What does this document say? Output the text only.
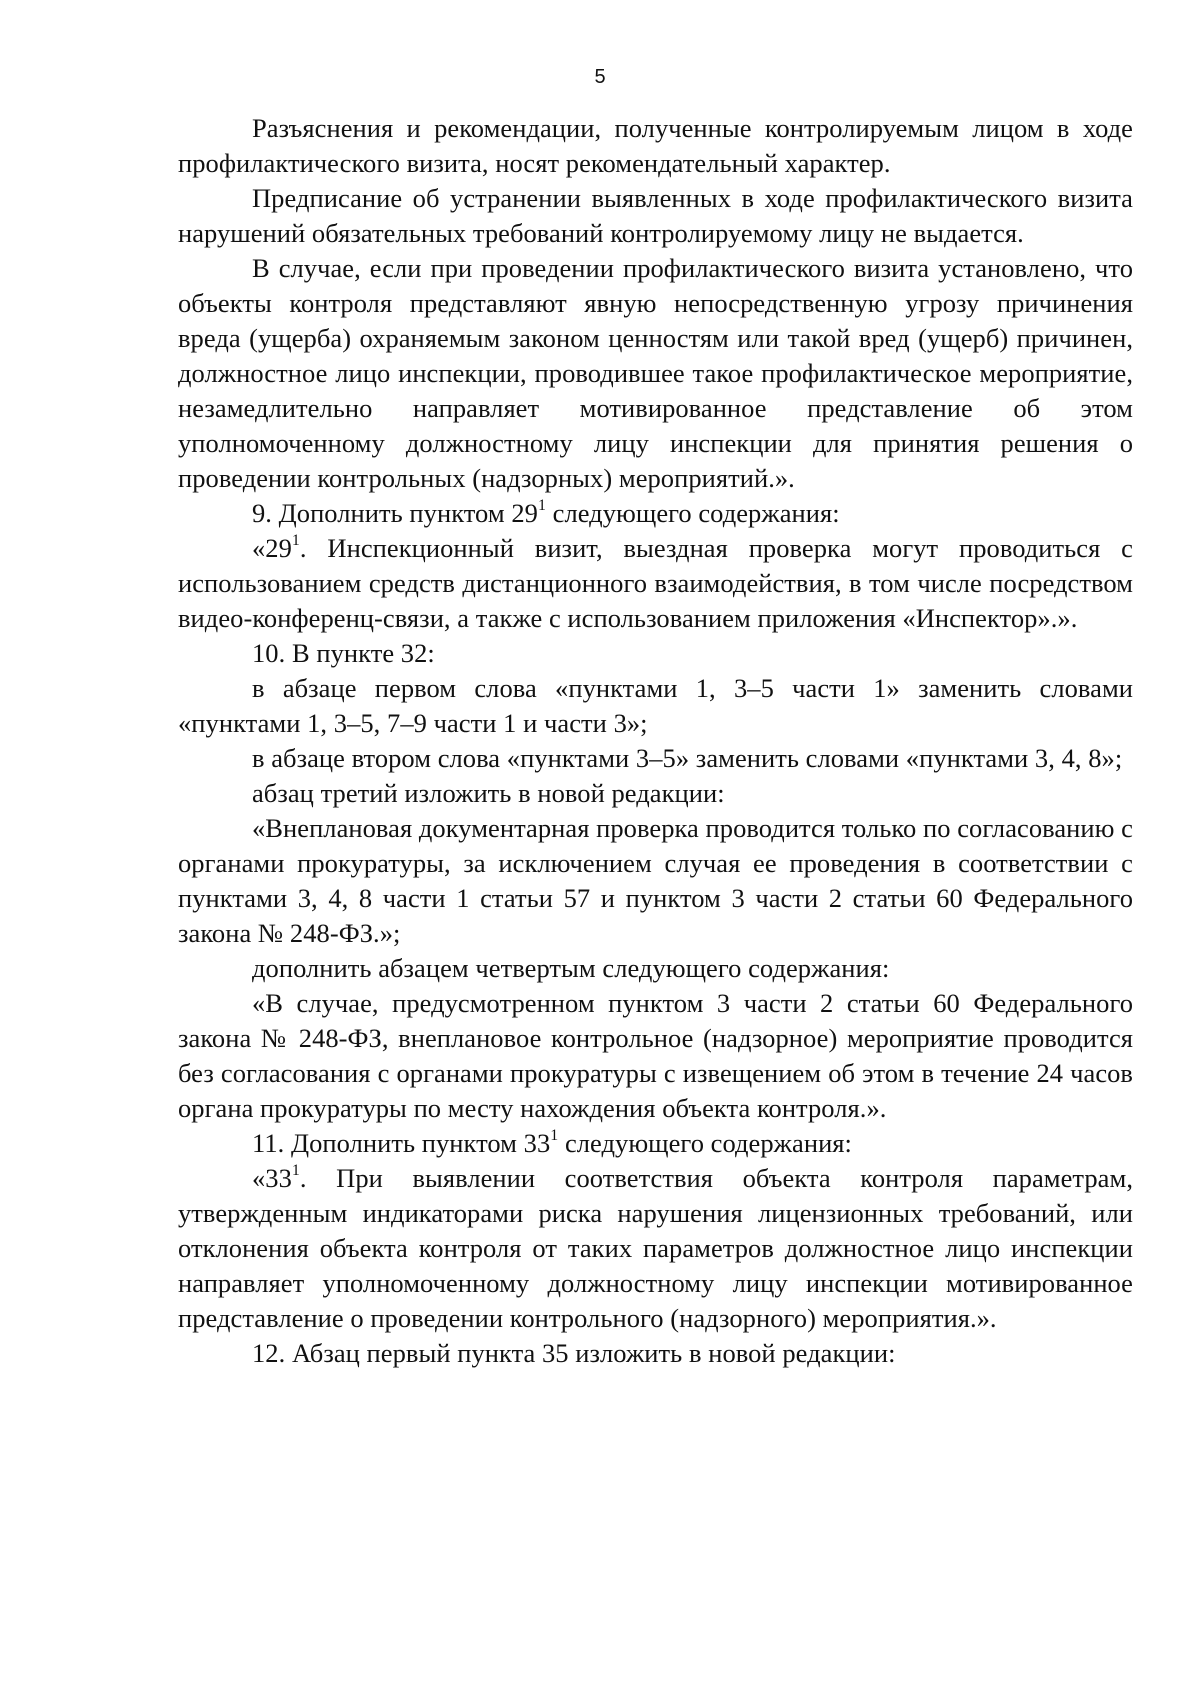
5

Разъяснения и рекомендации, полученные контролируемым лицом в ходе профилактического визита, носят рекомендательный характер.

Предписание об устранении выявленных в ходе профилактического визита нарушений обязательных требований контролируемому лицу не выдается.

В случае, если при проведении профилактического визита установлено, что объекты контроля представляют явную непосредственную угрозу причинения вреда (ущерба) охраняемым законом ценностям или такой вред (ущерб) причинен, должностное лицо инспекции, проводившее такое профилактическое мероприятие, незамедлительно направляет мотивированное представление об этом уполномоченному должностному лицу инспекции для принятия решения о проведении контрольных (надзорных) мероприятий.».

9. Дополнить пунктом $29^1$ следующего содержания:

«$29^1$. Инспекционный визит, выездная проверка могут проводиться с использованием средств дистанционного взаимодействия, в том числе посредством видео-конференц-связи, а также с использованием приложения «Инспектор».».

10. В пункте 32:

в абзаце первом слова «пунктами 1, 3–5 части 1» заменить словами «пунктами 1, 3–5, 7–9 части 1 и части 3»;

в абзаце втором слова «пунктами 3–5» заменить словами «пунктами 3, 4, 8»;

абзац третий изложить в новой редакции:

«Внеплановая документарная проверка проводится только по согласованию с органами прокуратуры, за исключением случая ее проведения в соответствии с пунктами 3, 4, 8 части 1 статьи 57 и пунктом 3 части 2 статьи 60 Федерального закона № 248-ФЗ.»;

дополнить абзацем четвертым следующего содержания:

«В случае, предусмотренном пунктом 3 части 2 статьи 60 Федерального закона № 248-ФЗ, внеплановое контрольное (надзорное) мероприятие проводится без согласования с органами прокуратуры с извещением об этом в течение 24 часов органа прокуратуры по месту нахождения объекта контроля.».

11. Дополнить пунктом $33^1$ следующего содержания:

«$33^1$. При выявлении соответствия объекта контроля параметрам, утвержденным индикаторами риска нарушения лицензионных требований, или отклонения объекта контроля от таких параметров должностное лицо инспекции направляет уполномоченному должностному лицу инспекции мотивированное представление о проведении контрольного (надзорного) мероприятия.».

12. Абзац первый пункта 35 изложить в новой редакции:
